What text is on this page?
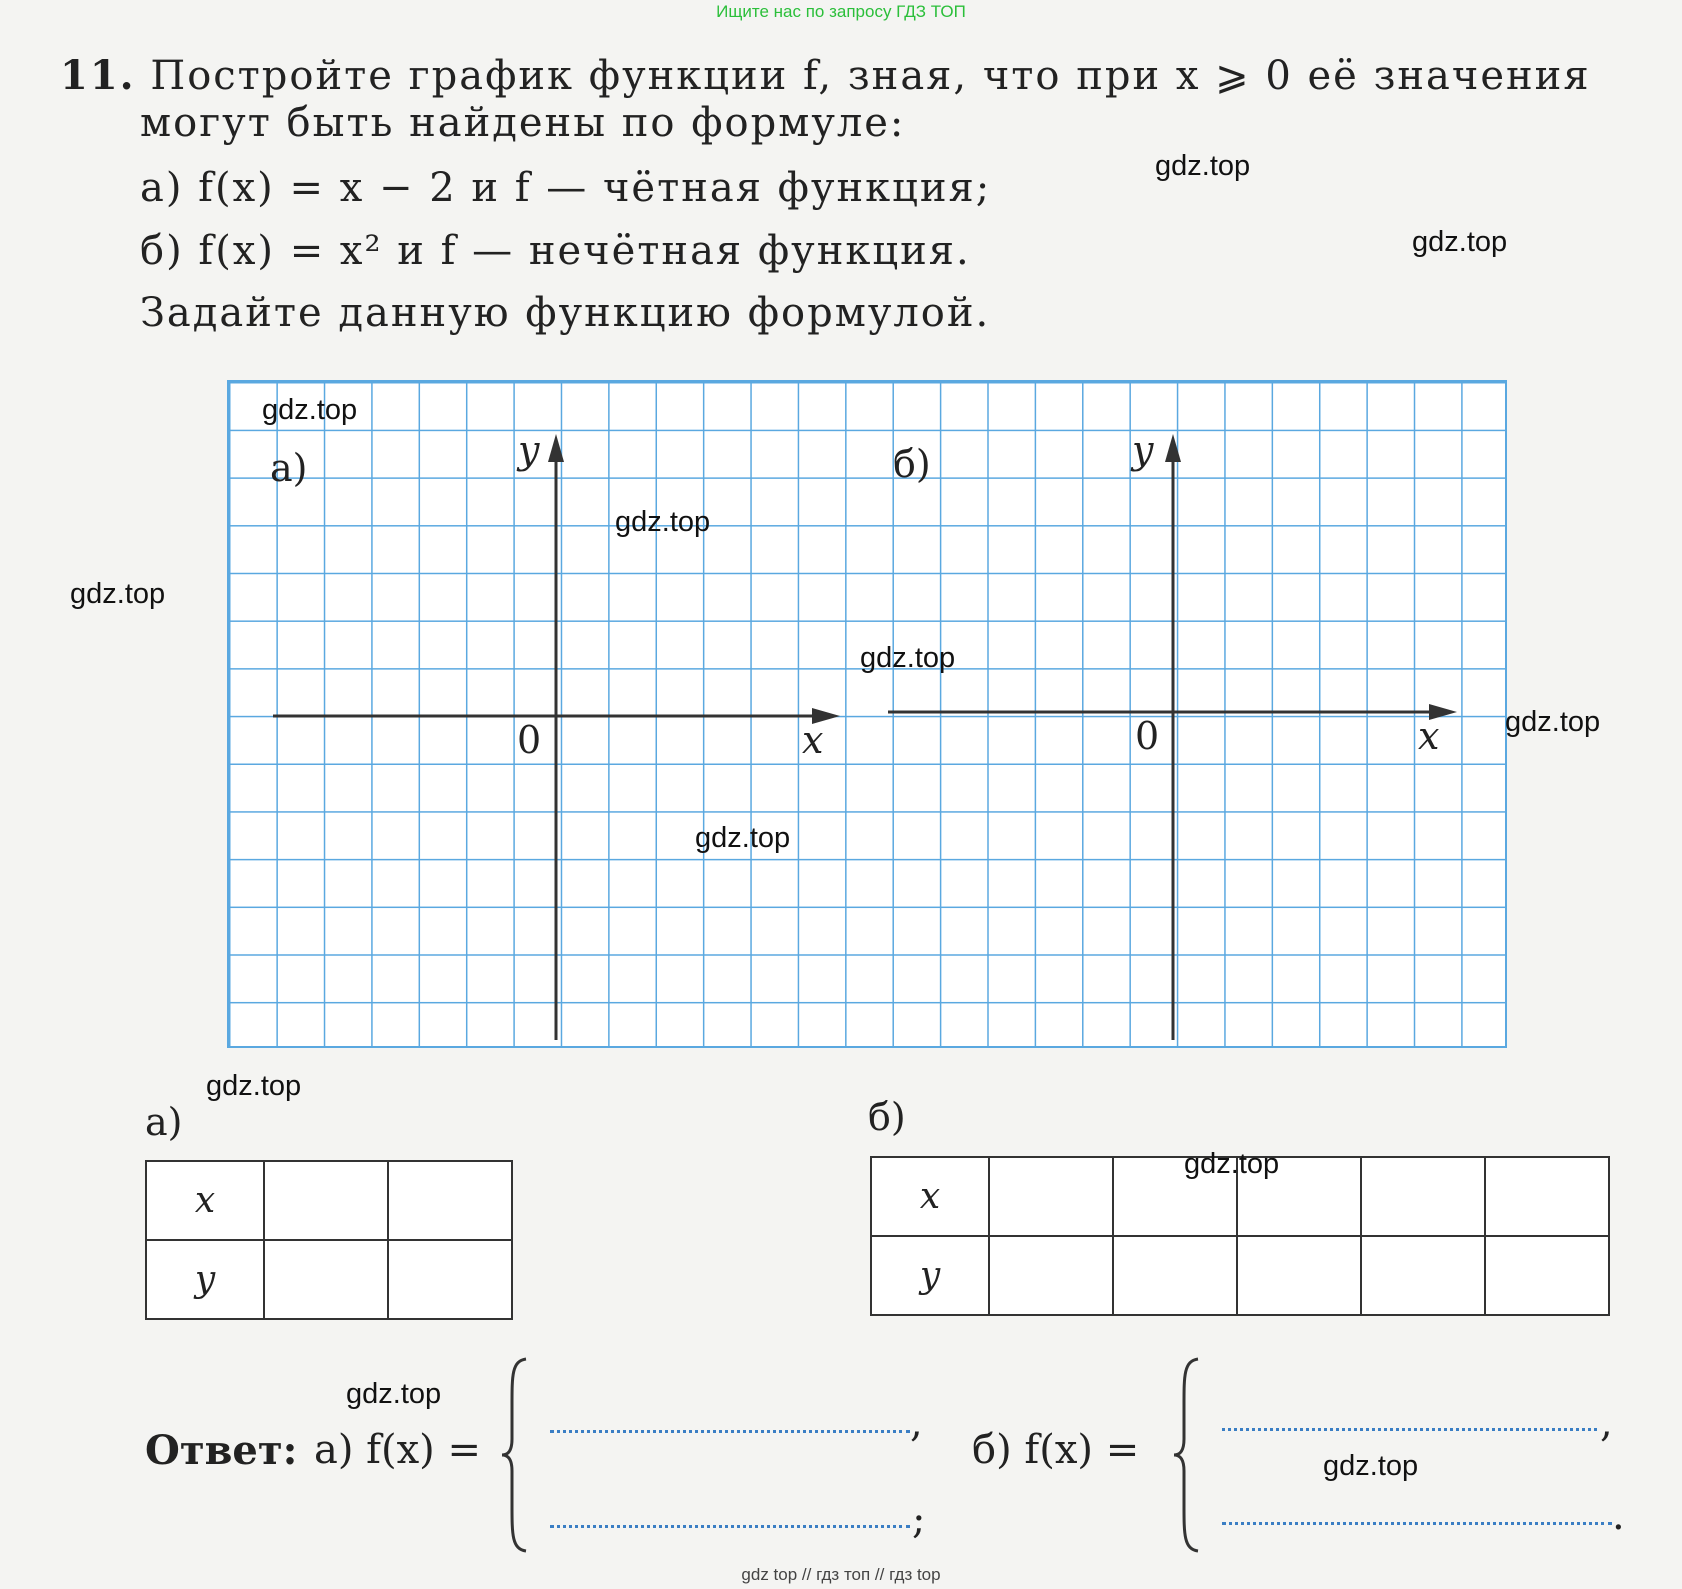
Ищите нас по запросу ГДЗ ТОП
11. Постройте график функции f, зная, что при x ⩾ 0 её значения
могут быть найдены по формуле:
а) f(x) = x − 2 и f — чётная функция;
б) f(x) = x² и f — нечётная функция.
Задайте данную функцию формулой.
а)	y
x
0
б)	y
x
0
а)
x		
y		
б)
x					
y					
Ответ: а) f(x) =
,
;
б) f(x) =
,
.
gdz.top
gdz.top
gdz.top
gdz.top
gdz.top
gdz.top
gdz.top
gdz.top
gdz.top
gdz.top
gdz.top
gdz.top
gdz top // гдз топ // гдз top
